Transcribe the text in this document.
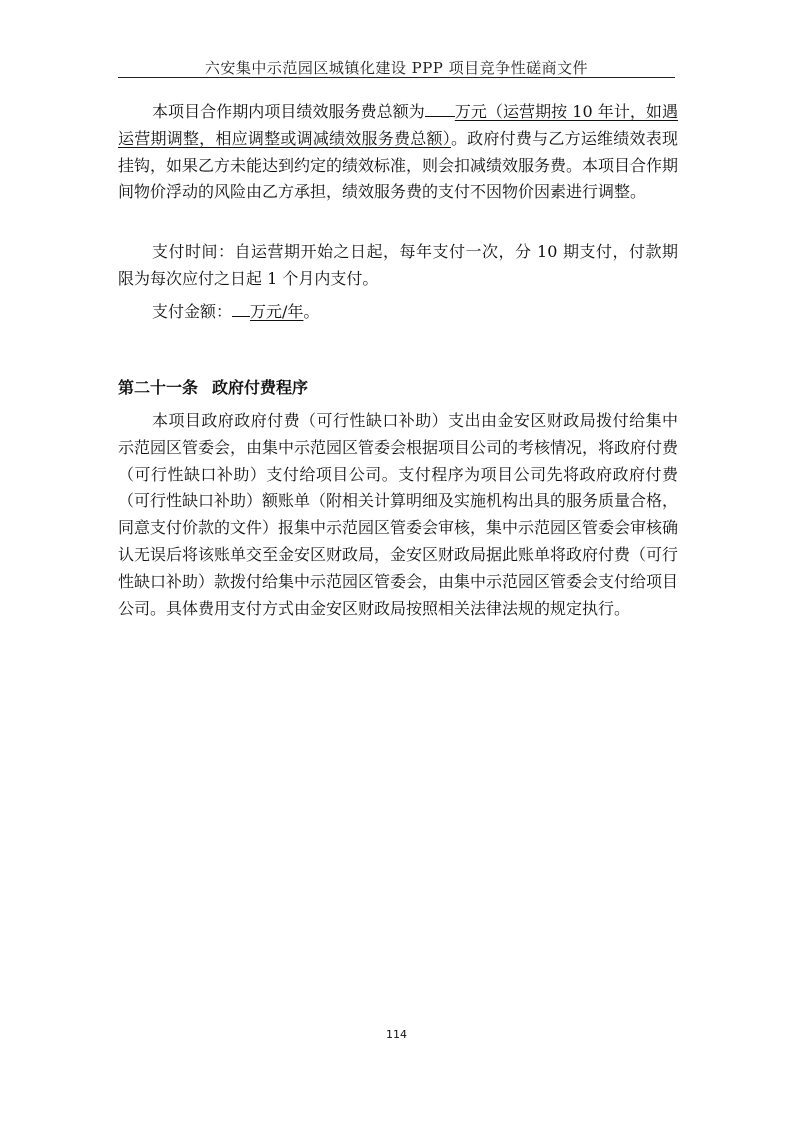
六安集中示范园区城镇化建设 PPP 项目竞争性磋商文件

本项目合作期内项目绩效服务费总额为 万元（运营期按 10 年计，如遇运营期调整，相应调整或调减绩效服务费总额）。政府付费与乙方运维绩效表现挂钩，如果乙方未能达到约定的绩效标准，则会扣减绩效服务费。本项目合作期间物价浮动的风险由乙方承担，绩效服务费的支付不因物价因素进行调整。

支付时间：自运营期开始之日起，每年支付一次，分 10 期支付，付款期限为每次应付之日起 1 个月内支付。

支付金额： 万元/年。

第二十一条 政府付费程序

本项目政府政府付费（可行性缺口补助）支出由金安区财政局拨付给集中示范园区管委会，由集中示范园区管委会根据项目公司的考核情况，将政府付费（可行性缺口补助）支付给项目公司。支付程序为项目公司先将政府政府付费（可行性缺口补助）额账单（附相关计算明细及实施机构出具的服务质量合格，同意支付价款的文件）报集中示范园区管委会审核，集中示范园区管委会审核确认无误后将该账单交至金安区财政局，金安区财政局据此账单将政府付费（可行性缺口补助）款拨付给集中示范园区管委会，由集中示范园区管委会支付给项目公司。具体费用支付方式由金安区财政局按照相关法律法规的规定执行。

114
